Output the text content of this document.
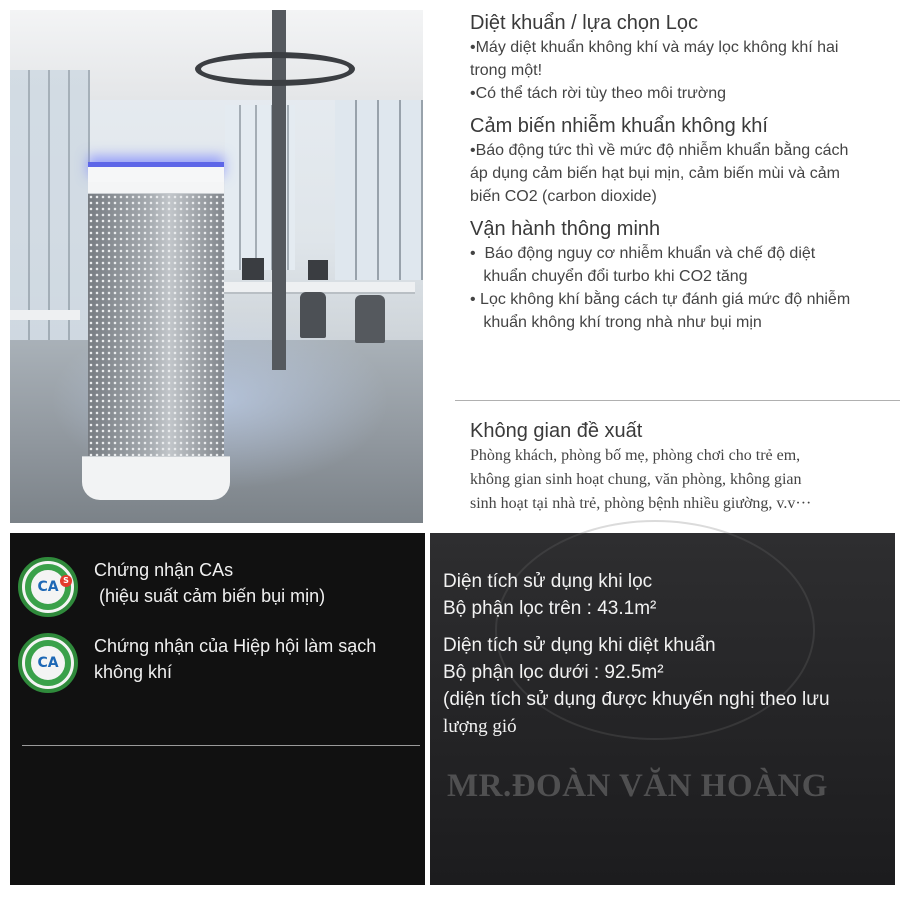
Diệt khuẩn / lựa chọn Lọc
•Máy diệt khuẩn không khí và máy lọc không khí hai
trong một!
•Có thể tách rời tùy theo môi trường
Cảm biến nhiễm khuẩn không khí
•Báo động tức thì về mức độ nhiễm khuẩn bằng cách
áp dụng cảm biến hạt bụi mịn, cảm biến mùi và cảm
biến CO2 (carbon dioxide)
Vận hành thông minh
•  Báo động nguy cơ nhiễm khuẩn và chế độ diệt
khuẩn chuyển đổi turbo khi CO2 tăng
• Lọc không khí bằng cách tự đánh giá mức độ nhiễm
khuẩn không khí trong nhà như bụi mịn
Không gian đề xuất
Phòng khách, phòng bố mẹ, phòng chơi cho trẻ em,
không gian sinh hoạt chung, văn phòng, không gian
sinh hoạt tại nhà trẻ, phòng bệnh nhiều giường, v.v···
CA S
Chứng nhận CAs
(hiệu suất cảm biến bụi mịn)
CA
Chứng nhận của Hiệp hội làm sạch
không khí
Diện tích sử dụng khi lọc
Bộ phận lọc trên : 43.1m²
Diện tích sử dụng khi diệt khuẩn
Bộ phận lọc dưới : 92.5m²
(diện tích sử dụng được khuyến nghị theo lưu
lượng gió
MR.ĐOÀN VĂN HOÀNG
